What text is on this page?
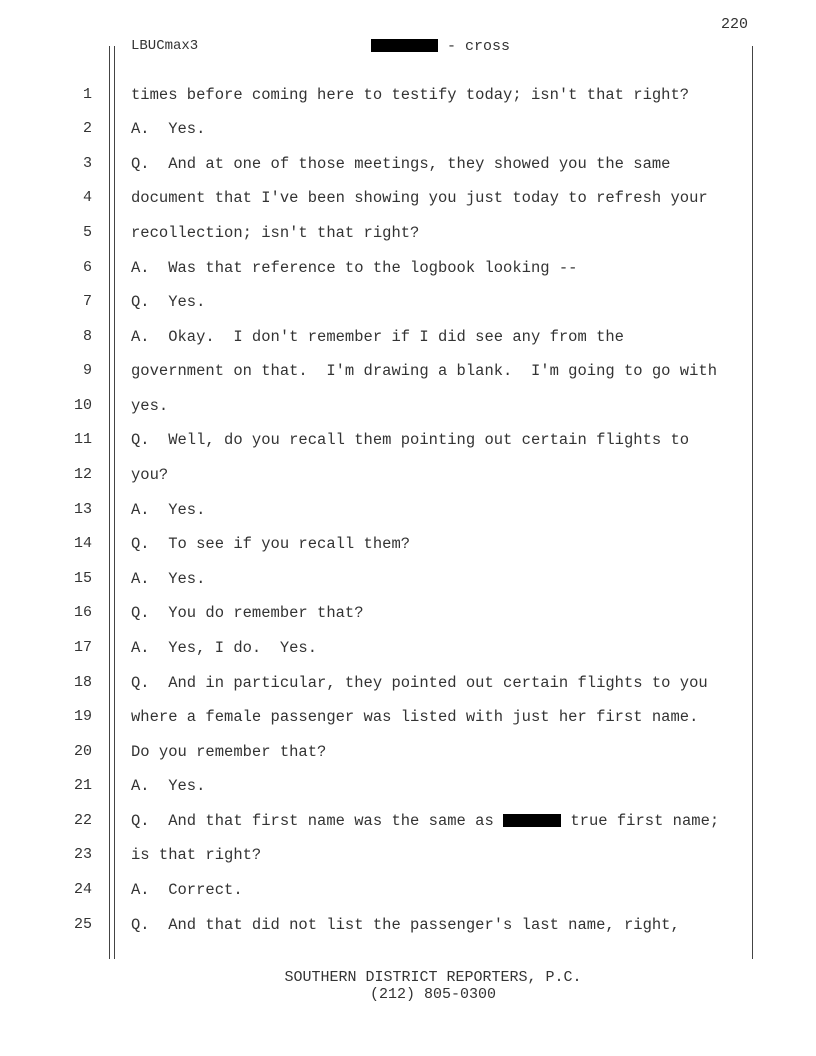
220
LBUCmax3	- cross
1	times before coming here to testify today; isn't that right?
2	A.  Yes.
3	Q.  And at one of those meetings, they showed you the same
4	document that I've been showing you just today to refresh your
5	recollection; isn't that right?
6	A.  Was that reference to the logbook looking --
7	Q.  Yes.
8	A.  Okay.  I don't remember if I did see any from the
9	government on that.  I'm drawing a blank.  I'm going to go with
10	yes.
11	Q.  Well, do you recall them pointing out certain flights to
12	you?
13	A.  Yes.
14	Q.  To see if you recall them?
15	A.  Yes.
16	Q.  You do remember that?
17	A.  Yes, I do.  Yes.
18	Q.  And in particular, they pointed out certain flights to you
19	where a female passenger was listed with just her first name.
20	Do you remember that?
21	A.  Yes.
22	Q.  And that first name was the same as	true first name;
23	is that right?
24	A.  Correct.
25	Q.  And that did not list the passenger's last name, right,
SOUTHERN DISTRICT REPORTERS, P.C.
(212) 805-0300
